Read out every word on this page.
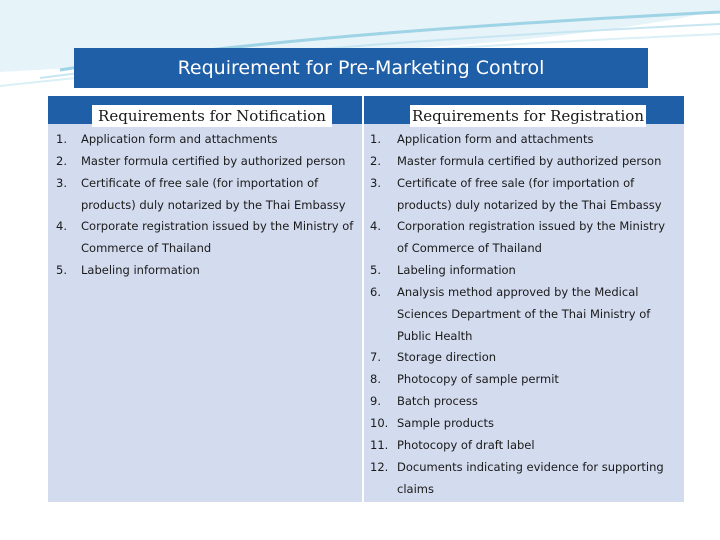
Requirement for Pre-Marketing Control
Requirements for Notification	Requirements for Registration
1.	Application form and attachments
2.	Master formula certified by authorized person
3.	Certificate of free sale (for importation of
products) duly notarized by the Thai Embassy
4.	Corporate registration issued by the Ministry of
Commerce of Thailand
5.	Labeling information
1.	Application form and attachments
2.	Master formula certified by authorized person
3.	Certificate of free sale (for importation of
products) duly notarized by the Thai Embassy
4.	Corporation registration issued by the Ministry
of Commerce of Thailand
5.	Labeling information
6.	Analysis method approved by the Medical
Sciences Department of the Thai Ministry of
Public Health
7.	Storage direction
8.	Photocopy of sample permit
9.	Batch process
10. Sample products
11. Photocopy of draft label
12. Documents indicating evidence for supporting
claims
